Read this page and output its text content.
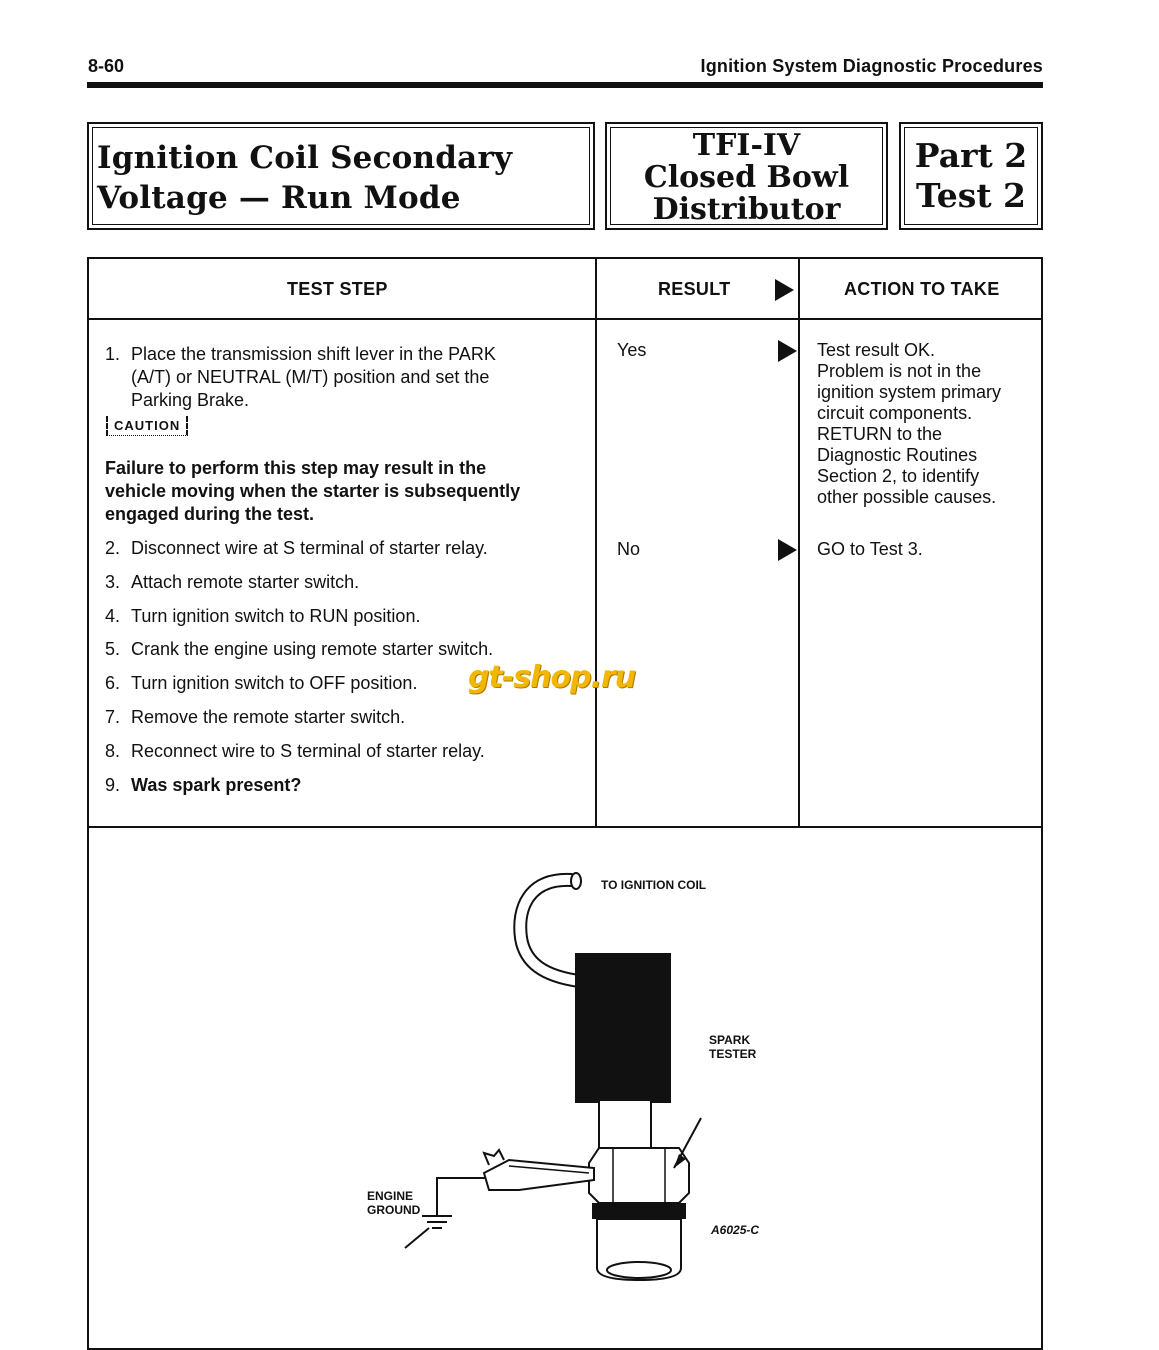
8-60	Ignition System Diagnostic Procedures
Ignition Coil Secondary
Voltage — Run Mode
TFI-IV
Closed Bowl
Distributor
Part 2
Test 2
TEST STEP	RESULT	ACTION TO TAKE
1. Place the transmission shift lever in the PARK
(A/T) or NEUTRAL (M/T) position and set the
Parking Brake.
CAUTION
Failure to perform this step may result in the
vehicle moving when the starter is subsequently
engaged during the test.
2. Disconnect wire at S terminal of starter relay.
3. Attach remote starter switch.
4. Turn ignition switch to RUN position.
5. Crank the engine using remote starter switch.
6. Turn ignition switch to OFF position.
7. Remove the remote starter switch.
8. Reconnect wire to S terminal of starter relay.
9. Was spark present?
Yes	Test result OK.
Problem is not in the
ignition system primary
circuit components.
RETURN to the
Diagnostic Routines
Section 2, to identify
other possible causes.
No	GO to Test 3.
TO IGNITION COIL
SPARK
TESTER
ENGINE
GROUND
A6025-C
gt-shop.ru
